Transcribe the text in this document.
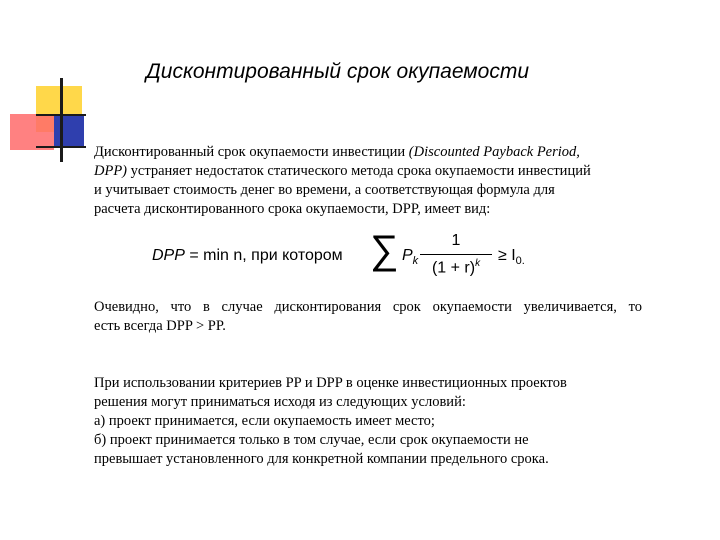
Дисконтированный срок окупаемости
Дисконтированный срок окупаемости инвестиции (Discounted Payback Period,
DPP) устраняет недостаток статического метода срока окупаемости инвестиций
и учитывает стоимость денег во времени, а соответствующая формула для
расчета дисконтированного срока окупаемости, DPP, имеет вид:
DPP = min n, при котором ∑ $P_k$
1
$(1 + r)^k$	≥ $I_{0.}$
Очевидно, что в случае дисконтирования срок окупаемости увеличивается, то
есть всегда DPP > PP.
При использовании критериев PP и DPP в оценке инвестиционных проектов
решения могут приниматься исходя из следующих условий:
а) проект принимается, если окупаемость имеет место;
б) проект принимается только в том случае, если срок окупаемости не
превышает установленного для конкретной компании предельного срока.
